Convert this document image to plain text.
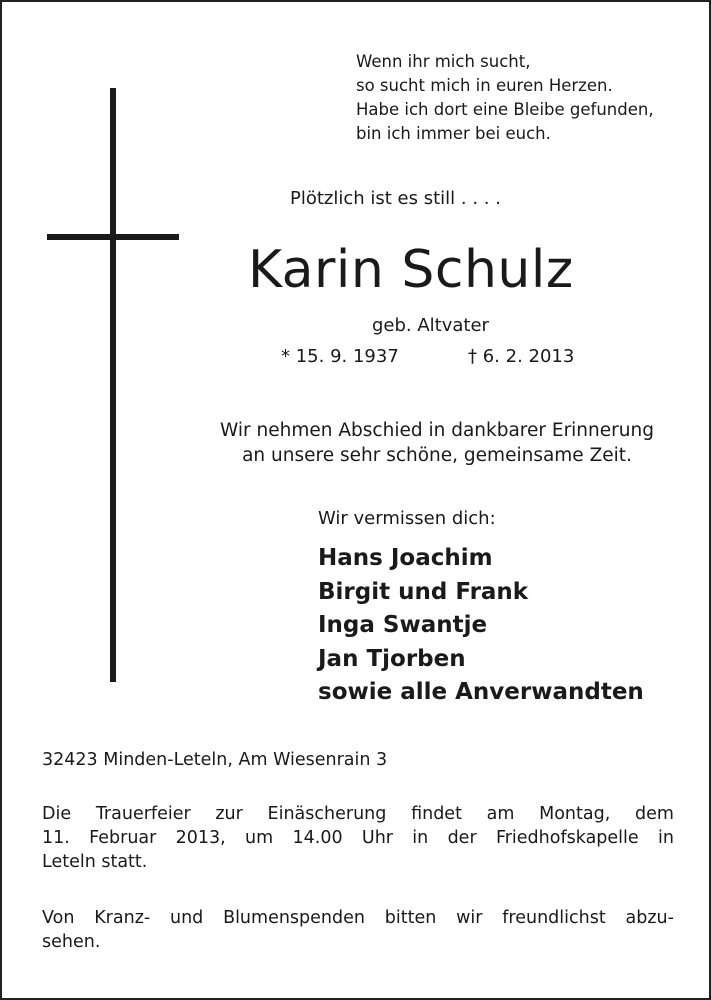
Wenn ihr mich sucht,
so sucht mich in euren Herzen.
Habe ich dort eine Bleibe gefunden,
bin ich immer bei euch.
Plötzlich ist es still . . . .
Karin Schulz
geb. Altvater
* 15. 9. 1937	† 6. 2. 2013
Wir nehmen Abschied in dankbarer Erinnerung
an unsere sehr schöne, gemeinsame Zeit.
Wir vermissen dich:
Hans Joachim
Birgit und Frank
Inga Swantje
Jan Tjorben
sowie alle Anverwandten
32423 Minden-Leteln, Am Wiesenrain 3
Die Trauerfeier zur Einäscherung findet am Montag, dem
11. Februar 2013, um 14.00 Uhr in der Friedhofskapelle in
Leteln statt.
Von Kranz- und Blumenspenden bitten wir freundlichst abzu-
sehen.
